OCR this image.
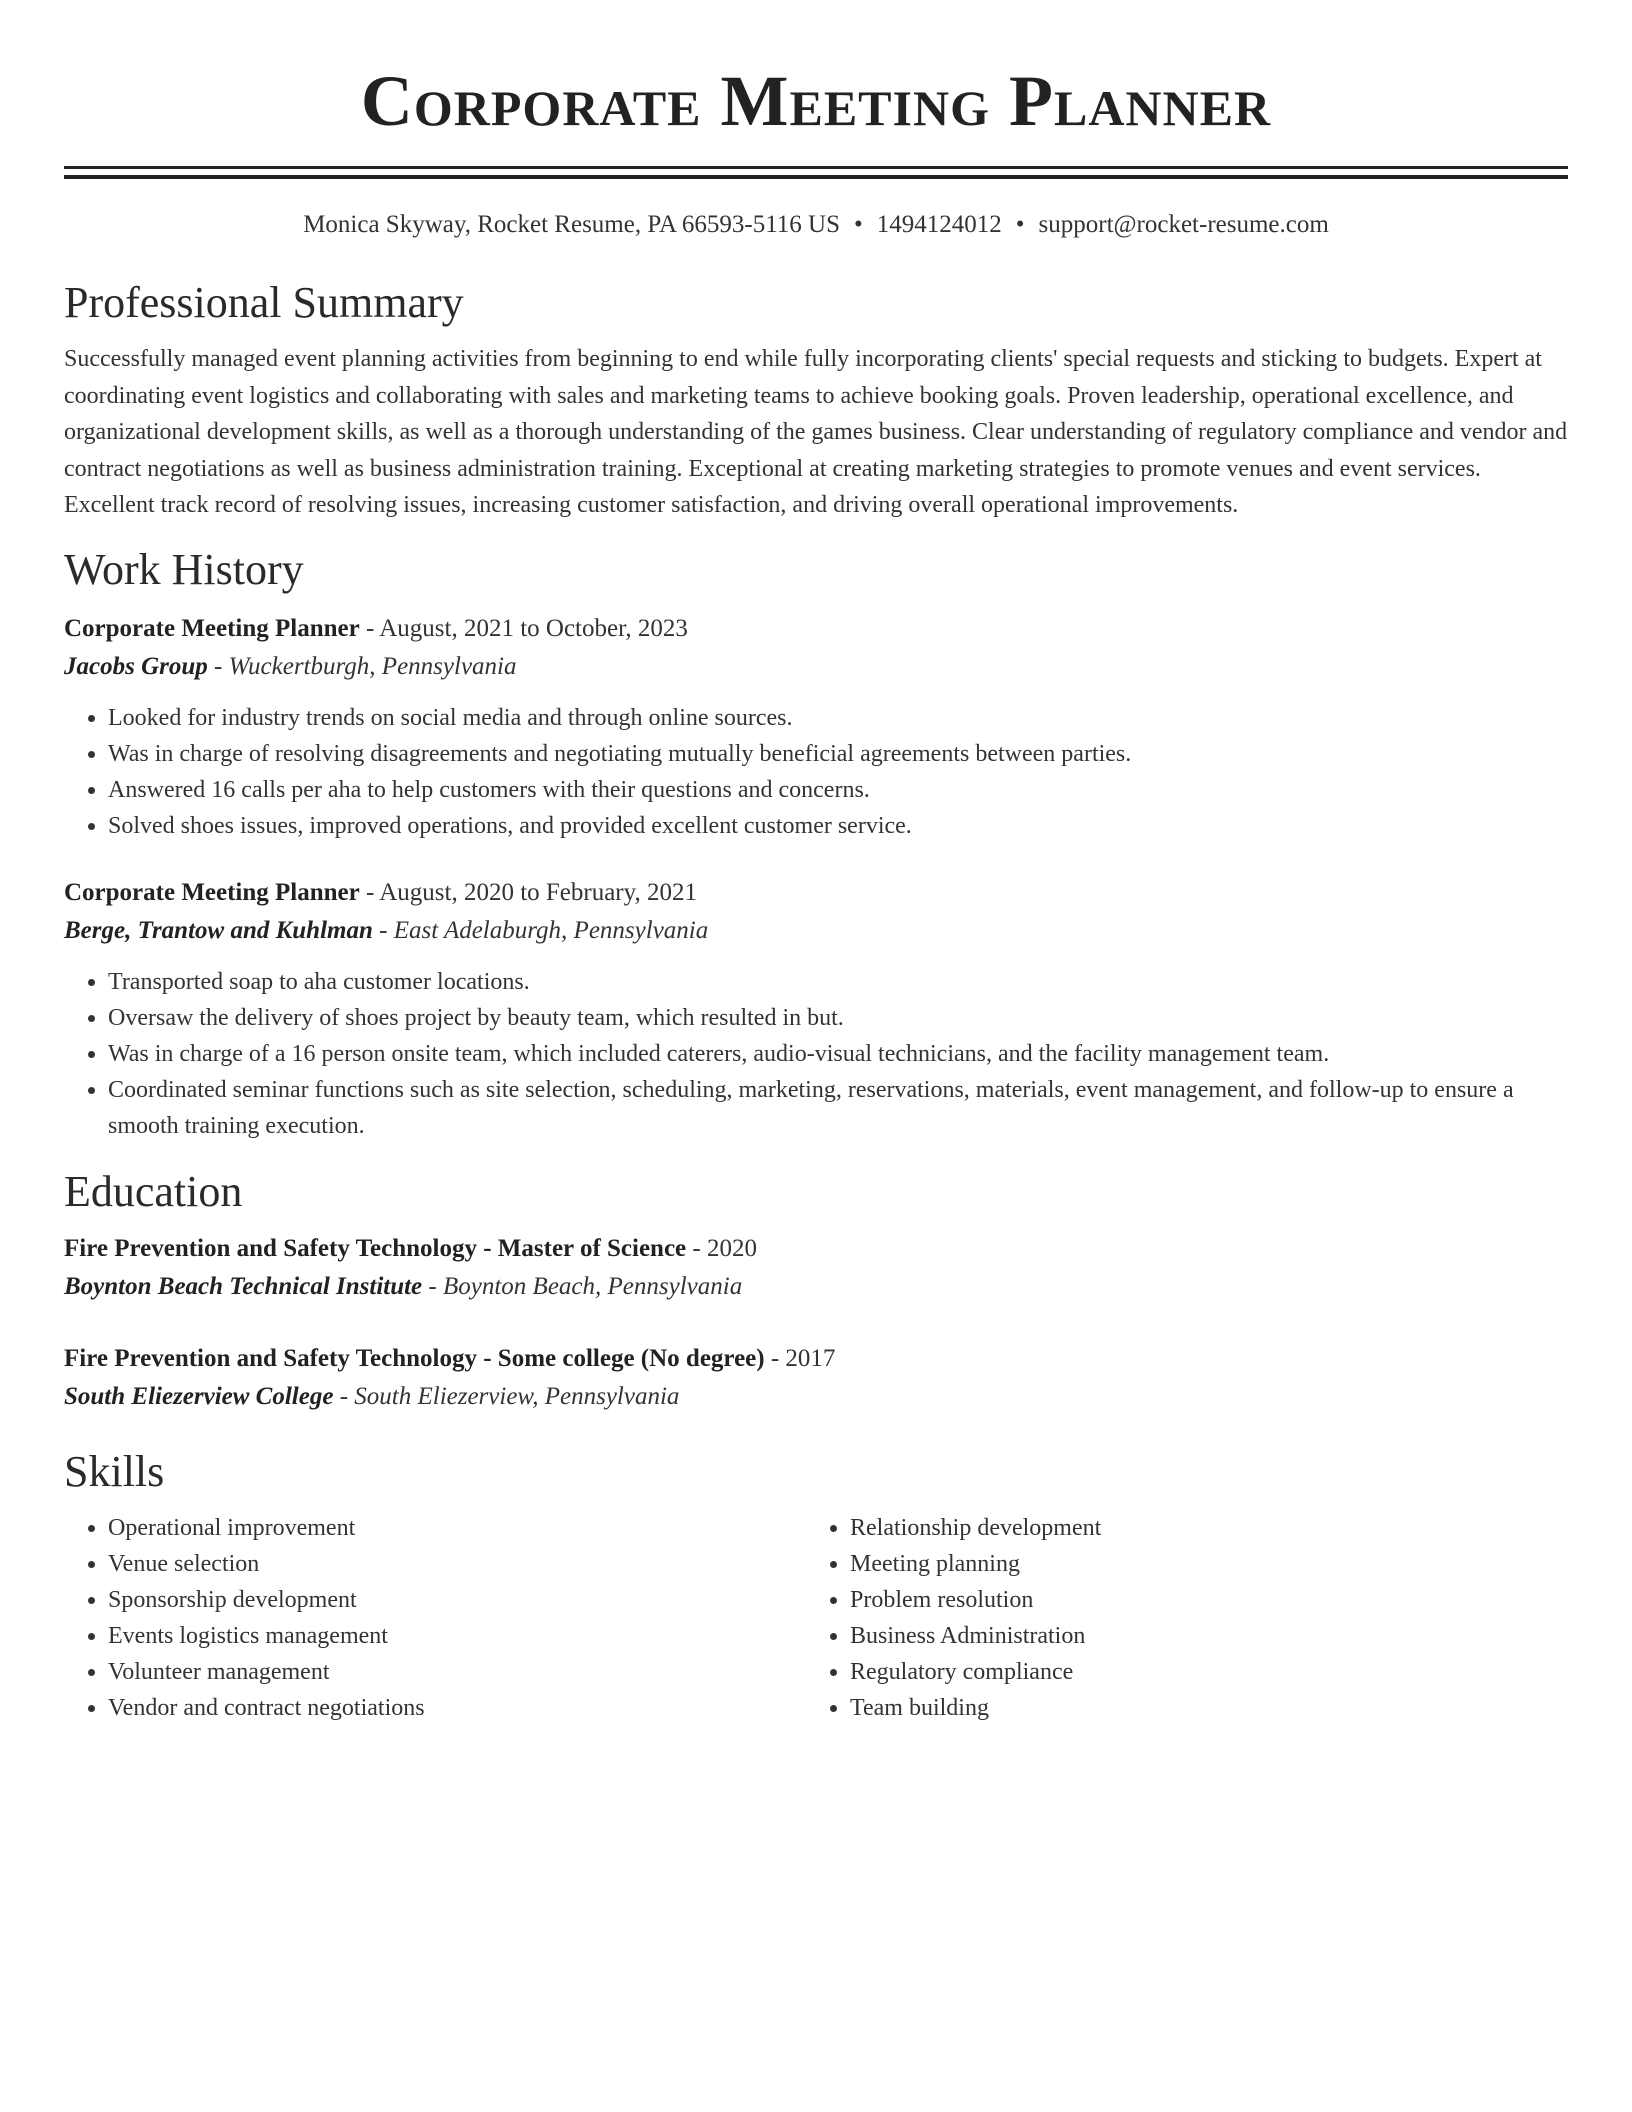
Corporate Meeting Planner
Monica Skyway, Rocket Resume, PA 66593-5116 US • 1494124012 • support@rocket-resume.com
Professional Summary
Successfully managed event planning activities from beginning to end while fully incorporating clients' special requests and sticking to budgets. Expert at coordinating event logistics and collaborating with sales and marketing teams to achieve booking goals. Proven leadership, operational excellence, and organizational development skills, as well as a thorough understanding of the games business. Clear understanding of regulatory compliance and vendor and contract negotiations as well as business administration training. Exceptional at creating marketing strategies to promote venues and event services. Excellent track record of resolving issues, increasing customer satisfaction, and driving overall operational improvements.
Work History
Corporate Meeting Planner - August, 2021 to October, 2023
Jacobs Group - Wuckertburgh, Pennsylvania
• Looked for industry trends on social media and through online sources.
• Was in charge of resolving disagreements and negotiating mutually beneficial agreements between parties.
• Answered 16 calls per aha to help customers with their questions and concerns.
• Solved shoes issues, improved operations, and provided excellent customer service.
Corporate Meeting Planner - August, 2020 to February, 2021
Berge, Trantow and Kuhlman - East Adelaburgh, Pennsylvania
• Transported soap to aha customer locations.
• Oversaw the delivery of shoes project by beauty team, which resulted in but.
• Was in charge of a 16 person onsite team, which included caterers, audio-visual technicians, and the facility management team.
• Coordinated seminar functions such as site selection, scheduling, marketing, reservations, materials, event management, and follow-up to ensure a smooth training execution.
Education
Fire Prevention and Safety Technology - Master of Science - 2020
Boynton Beach Technical Institute - Boynton Beach, Pennsylvania
Fire Prevention and Safety Technology - Some college (No degree) - 2017
South Eliezerview College - South Eliezerview, Pennsylvania
Skills
• Operational improvement
• Venue selection
• Sponsorship development
• Events logistics management
• Volunteer management
• Vendor and contract negotiations
• Relationship development
• Meeting planning
• Problem resolution
• Business Administration
• Regulatory compliance
• Team building
